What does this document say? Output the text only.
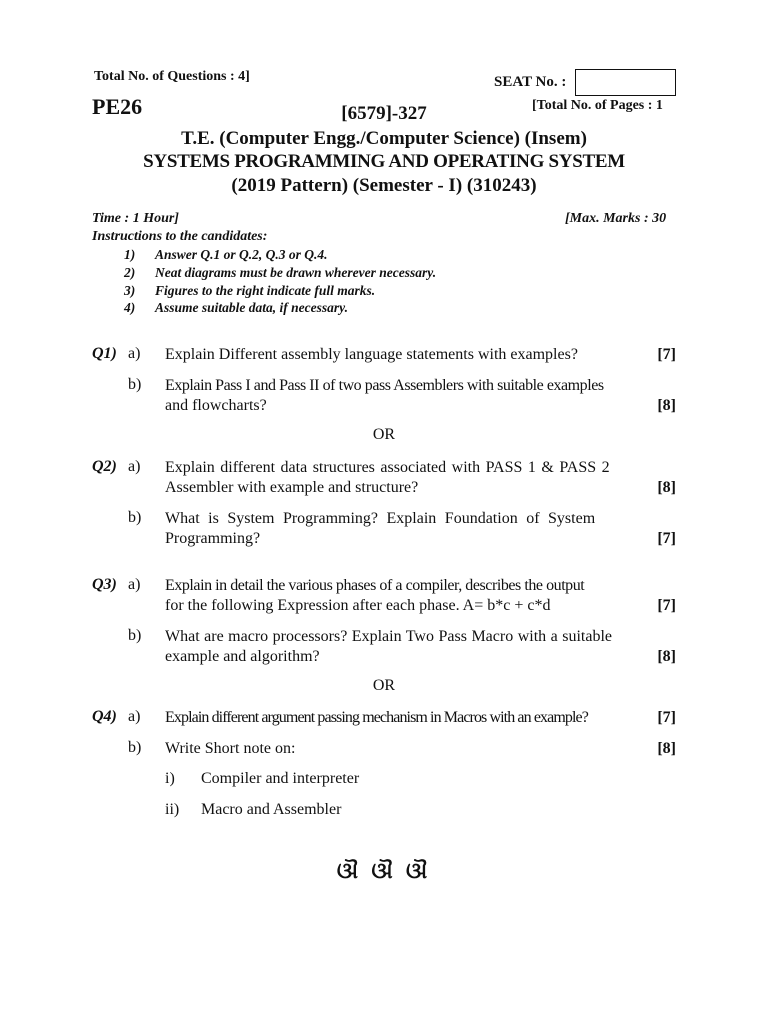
Total No. of Questions : 4]	SEAT No. :
PE26	[Total No. of Pages : 1
[6579]-327
T.E. (Computer Engg./Computer Science) (Insem)
SYSTEMS PROGRAMMING AND OPERATING SYSTEM
(2019 Pattern) (Semester - I) (310243)
Time : 1 Hour]	[Max. Marks : 30
Instructions to the candidates:
1) Answer Q.1 or Q.2, Q.3 or Q.4.
2) Neat diagrams must be drawn wherever necessary.
3) Figures to the right indicate full marks.
4) Assume suitable data, if necessary.
Q1) a) Explain Different assembly language statements with examples?	[7]
b) Explain Pass I and Pass II of two pass Assemblers with suitable examples
and flowcharts?	[8]
OR
Q2) a) Explain different data structures associated with PASS 1 & PASS 2
Assembler with example and structure?	[8]
b) What is System Programming? Explain Foundation of System
Programming?	[7]
Q3) a) Explain in detail the various phases of a compiler, describes the output
for the following Expression after each phase. A= b*c + c*d	[7]
b) What are macro processors? Explain Two Pass Macro with a suitable
example and algorithm?	[8]
OR
Q4) a) Explain different argument passing mechanism in Macros with an example?	[7]
b) Write Short note on:	[8]
i) Compiler and interpreter
ii) Macro and Assembler
ଔ ଔ ଔ
